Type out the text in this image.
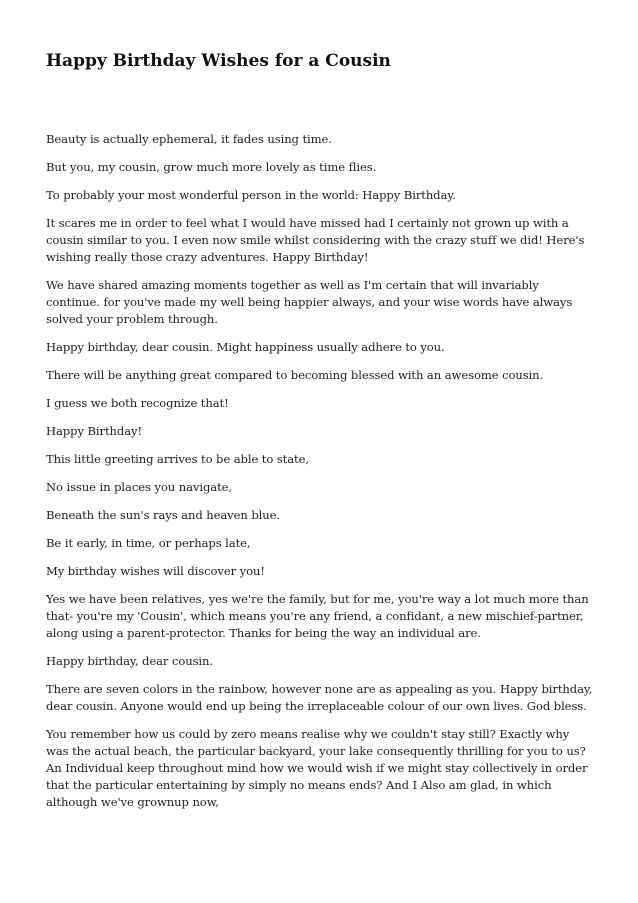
Happy Birthday Wishes for a Cousin

Beauty is actually ephemeral, it fades using time.

But you, my cousin, grow much more lovely as time flies.

To probably your most wonderful person in the world: Happy Birthday.

It scares me in order to feel what I would have missed had I certainly not grown up with a cousin similar to you. I even now smile whilst considering with the crazy stuff we did! Here's wishing really those crazy adventures. Happy Birthday!

We have shared amazing moments together as well as I'm certain that will invariably continue. for you've made my well being happier always, and your wise words have always solved your problem through.

Happy birthday, dear cousin. Might happiness usually adhere to you.

There will be anything great compared to becoming blessed with an awesome cousin.

I guess we both recognize that!

Happy Birthday!

This little greeting arrives to be able to state,

No issue in places you navigate,

Beneath the sun's rays and heaven blue.

Be it early, in time, or perhaps late,

My birthday wishes will discover you!

Yes we have been relatives, yes we're the family, but for me, you're way a lot much more than that- you're my 'Cousin', which means you're any friend, a confidant, a new mischief-partner, along using a parent-protector. Thanks for being the way an individual are.

Happy birthday, dear cousin.

There are seven colors in the rainbow, however none are as appealing as you. Happy birthday, dear cousin. Anyone would end up being the irreplaceable colour of our own lives. God bless.

You remember how us could by zero means realise why we couldn't stay still? Exactly why was the actual beach, the particular backyard, your lake consequently thrilling for you to us? An Individual keep throughout mind how we would wish if we might stay collectively in order that the particular entertaining by simply no means ends? And I Also am glad, in which although we've grownup now,
